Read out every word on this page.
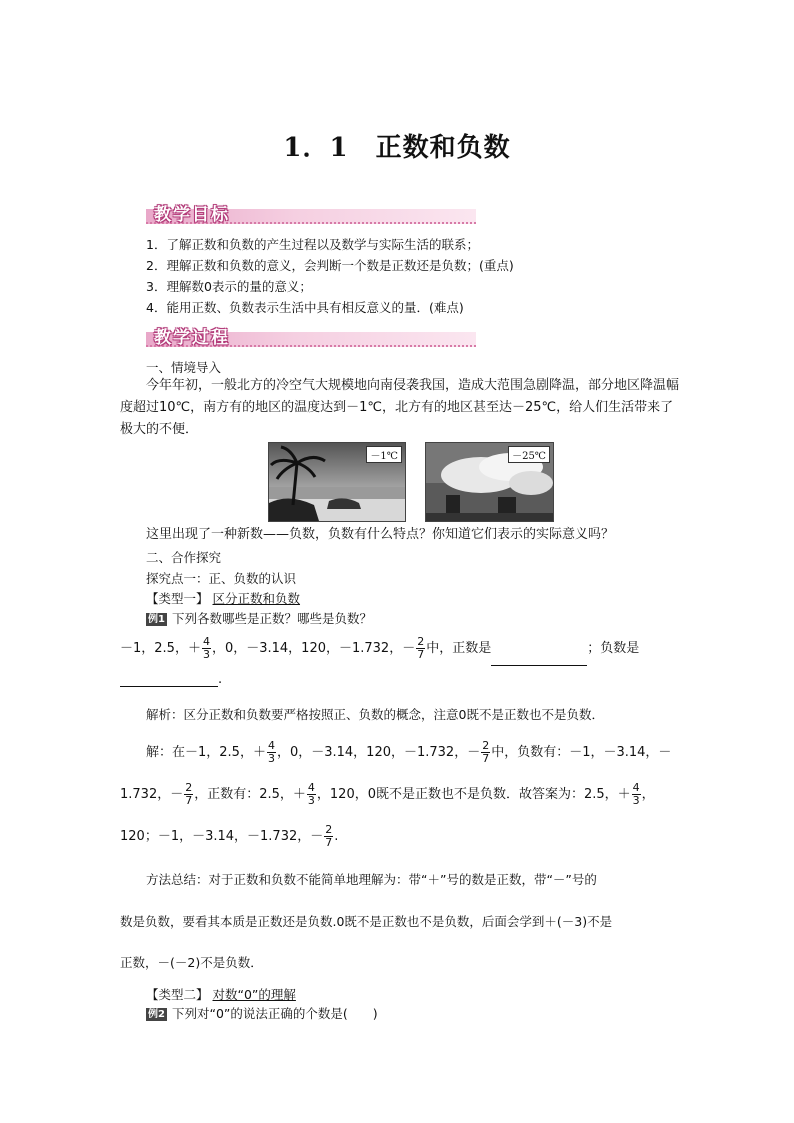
1．1　正数和负数
教学目标
1．了解正数和负数的产生过程以及数学与实际生活的联系；
2．理解正数和负数的意义，会判断一个数是正数还是负数；(重点)
3．理解数0表示的量的意义；
4．能用正数、负数表示生活中具有相反意义的量．(难点)
教学过程
一、情境导入
今年年初，一般北方的冷空气大规模地向南侵袭我国，造成大范围急剧降温，部分地区降温幅度超过10℃，南方有的地区的温度达到－1℃，北方有的地区甚至达－25℃，给人们生活带来了极大的不便．
－1℃	－25℃
这里出现了一种新数——负数，负数有什么特点？你知道它们表示的实际意义吗？
二、合作探究
探究点一：正、负数的认识
【类型一】 区分正数和负数
例1 下列各数哪些是正数？哪些是负数？
－1，2.5，＋ $\frac{4}{3}$ ，0，－3.14，120，－1.732，－ $\frac{2}{7}$ 中，正数是	；负数是
.
解析：区分正数和负数要严格按照正、负数的概念，注意0既不是正数也不是负数．
解：在－1，2.5，＋ $\frac{4}{3}$ ，0，－3.14，120，－1.732，－ $\frac{2}{7}$ 中，负数有：－1，－3.14，－
1.732，－ $\frac{2}{7}$ ，正数有：2.5，＋ $\frac{4}{3}$ ，120，0既不是正数也不是负数．故答案为：2.5，＋ $\frac{4}{3}$ ，
120；－1，－3.14，－1.732，－ $\frac{2}{7}$ .
方法总结：对于正数和负数不能简单地理解为：带“＋”号的数是正数，带“－”号的
数是负数，要看其本质是正数还是负数.0既不是正数也不是负数，后面会学到＋(－3)不是
正数，－(－2)不是负数．
【类型二】 对数“0”的理解
例2 下列对“0”的说法正确的个数是(　　)
